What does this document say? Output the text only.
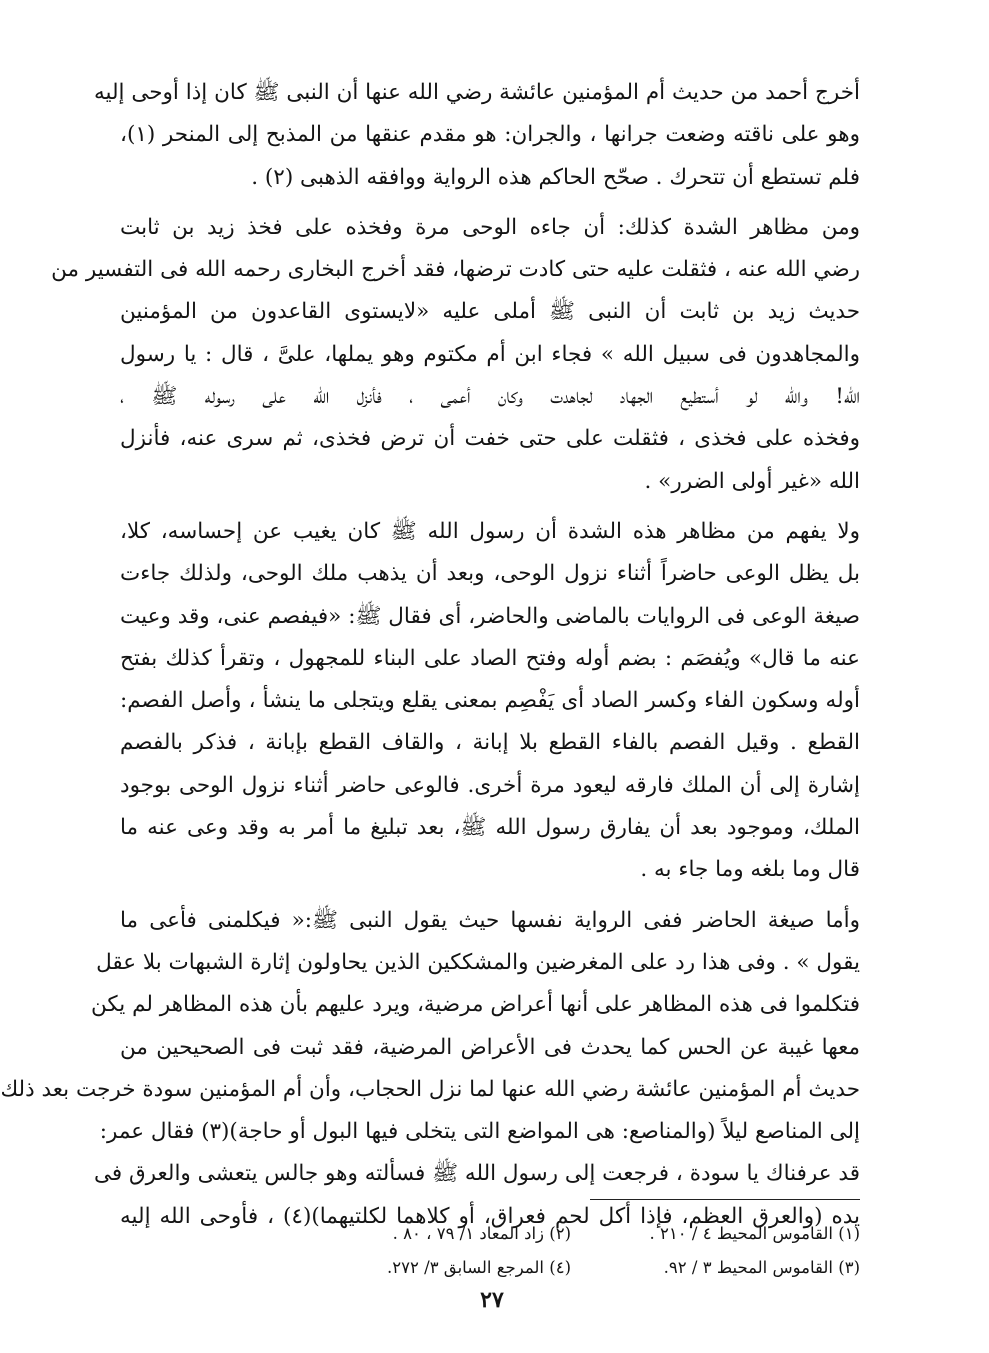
أخرج أحمد من حديث أم المؤمنين عائشة رضي الله عنها أن النبى ﷺ كان إذا أوحى إليه
وهو على ناقته وضعت جرانها ، والجران: هو مقدم عنقها من المذبح إلى المنحر (١)،
فلم تستطع أن تتحرك . صحّح الحاكم هذه الرواية ووافقه الذهبى (٢) .

ومن مظاهر الشدة كذلك: أن جاءه الوحى مرة وفخذه على فخذ زيد بن ثابت
رضي الله عنه ، فثقلت عليه حتى كادت ترضها، فقد أخرج البخارى رحمه الله فى التفسير من
حديث زيد بن ثابت أن النبى ﷺ أملى عليه «لايستوى القاعدون من المؤمنين
والمجاهدون فى سبيل الله » فجاء ابن أم مكتوم وهو يملها، علىَّ ، قال : يا رسول
الله! والله لو أستطيع الجهاد لجاهدت وكان أعمى ، فأنزل الله على رسوله ﷺ ،
وفخذه على فخذى ، فثقلت على حتى خفت أن ترض فخذى، ثم سرى عنه، فأنزل
الله «غير أولى الضرر» .

ولا يفهم من مظاهر هذه الشدة أن رسول الله ﷺ كان يغيب عن إحساسه، كلا،
بل يظل الوعى حاضراً أثناء نزول الوحى، وبعد أن يذهب ملك الوحى، ولذلك جاءت
صيغة الوعى فى الروايات بالماضى والحاضر، أى فقال ﷺ: «فيفصم عنى، وقد وعيت
عنه ما قال» ويُفصَم : بضم أوله وفتح الصاد على البناء للمجهول ، وتقرأ كذلك بفتح
أوله وسكون الفاء وكسر الصاد أى يَفْصِم بمعنى يقلع ويتجلى ما ينشأ ، وأصل الفصم:
القطع . وقيل الفصم بالفاء القطع بلا إبانة ، والقاف القطع بإبانة ، فذكر بالفصم
إشارة إلى أن الملك فارقه ليعود مرة أخرى. فالوعى حاضر أثناء نزول الوحى بوجود
الملك، وموجود بعد أن يفارق رسول الله ﷺ، بعد تبليغ ما أمر به وقد وعى عنه ما
قال وما بلغه وما جاء به .

وأما صيغة الحاضر ففى الرواية نفسها حيث يقول النبى ﷺ:« فيكلمنى فأعى ما
يقول » . وفى هذا رد على المغرضين والمشككين الذين يحاولون إثارة الشبهات بلا عقل
فتكلموا فى هذه المظاهر على أنها أعراض مرضية، ويرد عليهم بأن هذه المظاهر لم يكن
معها غيبة عن الحس كما يحدث فى الأعراض المرضية، فقد ثبت فى الصحيحين من
حديث أم المؤمنين عائشة رضي الله عنها لما نزل الحجاب، وأن أم المؤمنين سودة خرجت بعد ذلك
إلى المناصع ليلاً (والمناصع: هى المواضع التى يتخلى فيها البول أو حاجة)(٣) فقال عمر:
قد عرفناك يا سودة ، فرجعت إلى رسول الله ﷺ فسألته وهو جالس يتعشى والعرق فى
يده (والعرق العظم، فإذا أكل لحم فعراق، أو كلاهما لكلتيهما)(٤) ، فأوحى الله إليه

(١) القاموس المحيط ٤ / ٢١٠ .
(٢) زاد المعاد ١/ ٧٩ ، ٨٠ .
(٣) القاموس المحيط ٣ / ٩٢.
(٤) المرجع السابق ٣/ ٢٧٢.
٢٧
